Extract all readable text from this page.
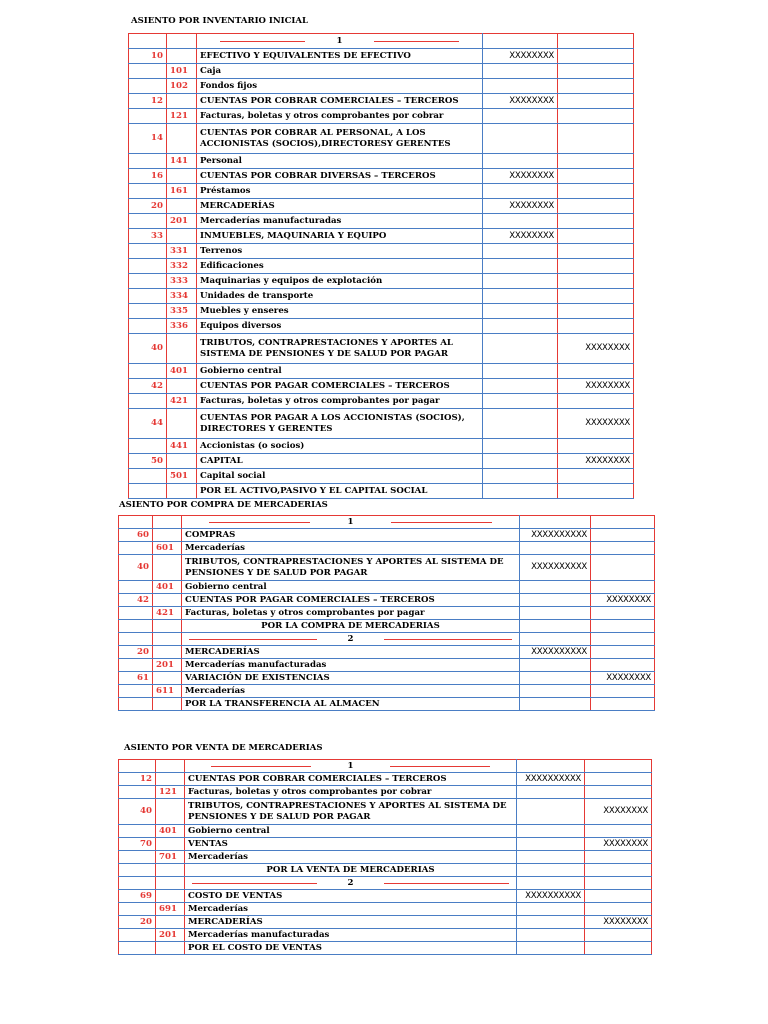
ASIENTO POR INVENTARIO INICIAL

1

10		EFECTIVO Y EQUIVALENTES DE EFECTIVO	XXXXXXXX	
	101	Caja		
	102	Fondos fijos		
12		CUENTAS POR COBRAR COMERCIALES – TERCEROS	XXXXXXXX	
	121	Facturas, boletas y otros comprobantes por cobrar		
14		CUENTAS POR COBRAR AL PERSONAL, A LOS ACCIONISTAS (SOCIOS),DIRECTORESY GERENTES		
	141	Personal		
16		CUENTAS POR COBRAR DIVERSAS – TERCEROS	XXXXXXXX	
	161	Préstamos		
20		MERCADERÍAS	XXXXXXXX	
	201	Mercaderías manufacturadas		
33		INMUEBLES, MAQUINARIA Y EQUIPO	XXXXXXXX	
	331	Terrenos		
	332	Edificaciones		
	333	Maquinarias y equipos de explotación		
	334	Unidades de transporte		
	335	Muebles y enseres		
	336	Equipos diversos		
40		TRIBUTOS, CONTRAPRESTACIONES Y APORTES AL SISTEMA DE PENSIONES Y DE SALUD POR PAGAR		XXXXXXXX
	401	Gobierno central		
42		CUENTAS POR PAGAR COMERCIALES – TERCEROS		XXXXXXXX
	421	Facturas, boletas y otros comprobantes por pagar		
44		CUENTAS POR PAGAR A LOS ACCIONISTAS (SOCIOS), DIRECTORES Y GERENTES		XXXXXXXX
	441	Accionistas (o socios)		
50		CAPITAL		XXXXXXXX
	501	Capital social		
		POR EL ACTIVO,PASIVO Y EL CAPITAL SOCIAL		
ASIENTO POR COMPRA DE MERCADERIAS

1

60		COMPRAS	XXXXXXXXXX	
	601	Mercaderías		
40		TRIBUTOS, CONTRAPRESTACIONES Y APORTES AL SISTEMA DE PENSIONES Y DE SALUD POR PAGAR	XXXXXXXXXX	
	401	Gobierno central		
42		CUENTAS POR PAGAR COMERCIALES – TERCEROS		XXXXXXXX
	421	Facturas, boletas y otros comprobantes por pagar		
		POR LA COMPRA DE MERCADERIAS		

2		
20		MERCADERÍAS	XXXXXXXXXX	
	201	Mercaderías manufacturadas		
61		VARIACIÓN DE EXISTENCIAS		XXXXXXXX
	611	Mercaderías		
		POR LA TRANSFERENCIA AL ALMACEN		
ASIENTO POR VENTA DE MERCADERIAS

1

12		CUENTAS POR COBRAR COMERCIALES – TERCEROS	XXXXXXXXXX	
	121	Facturas, boletas y otros comprobantes por cobrar		
40		TRIBUTOS, CONTRAPRESTACIONES Y APORTES AL SISTEMA DE PENSIONES Y DE SALUD POR PAGAR		XXXXXXXX
	401	Gobierno central		
70		VENTAS		XXXXXXXX
	701	Mercaderías		
		POR LA VENTA DE MERCADERIAS		

2		
69		COSTO DE VENTAS	XXXXXXXXXX	
	691	Mercaderías		
20		MERCADERÍAS		XXXXXXXX
	201	Mercaderías manufacturadas		
		POR EL COSTO DE VENTAS		
